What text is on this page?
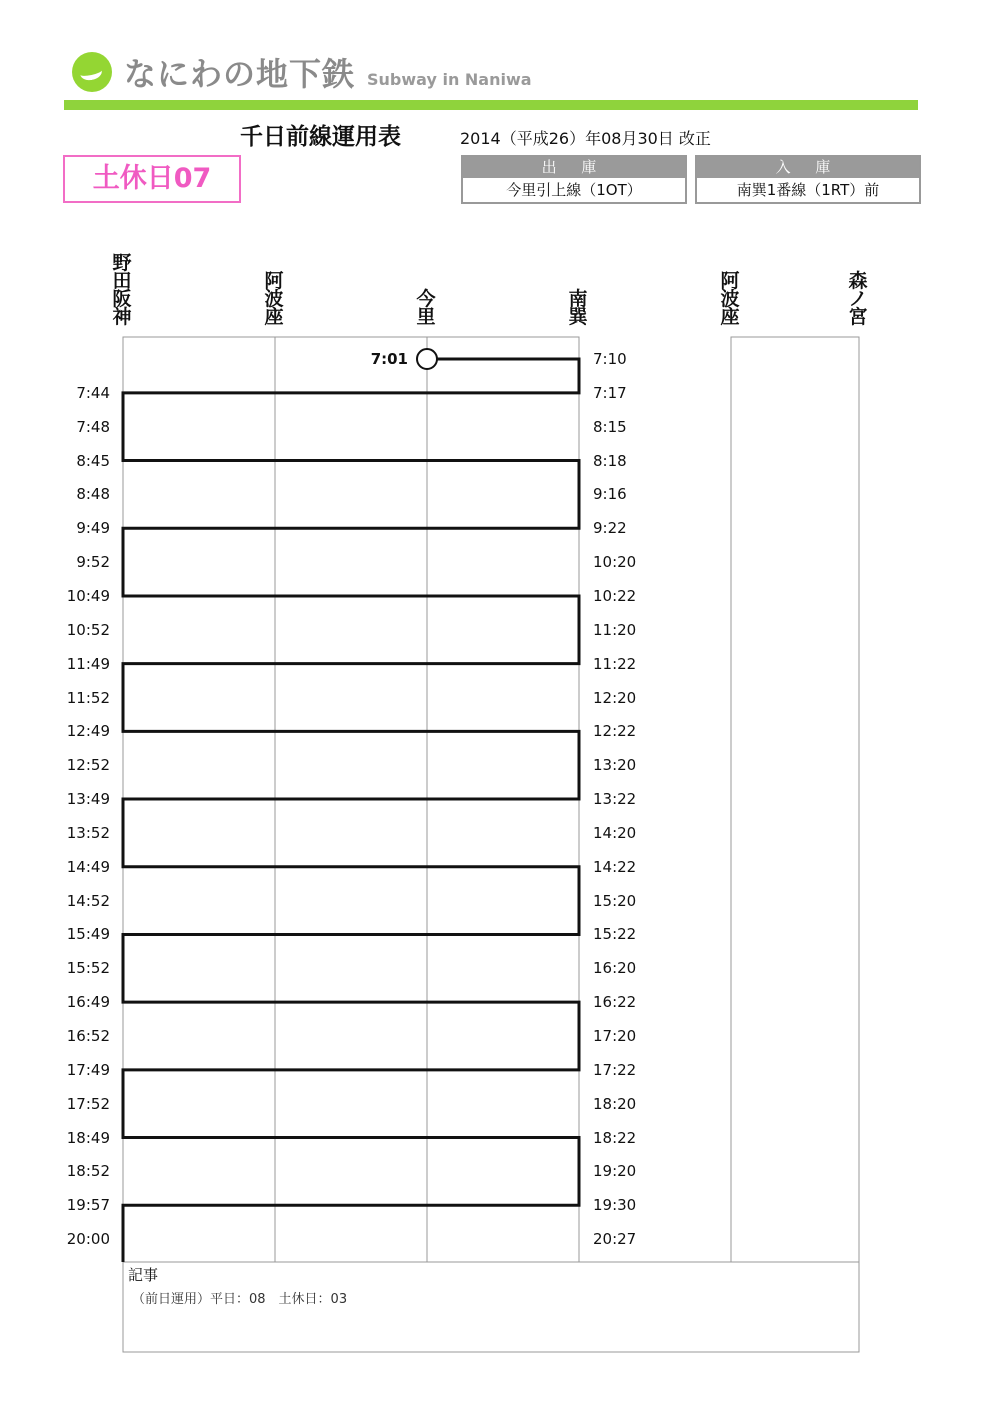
なにわの地下鉄 Subway in Naniwa
千日前線運用表	2014（平成26）年08月30日 改正
土休日07	出 庫
今里引上線（1OT）
入 庫
南巽1番線（1RT）前
野田阪神
阿波座
今里
南巽
阿波座
森ノ宮
7:01
7:44
7:48
8:45
8:48
9:49
9:52
10:49
10:52
11:49
11:52
12:49
12:52
13:49
13:52
14:49
14:52
15:49
15:52
16:49
16:52
17:49
17:52
18:49
18:52
19:57
20:00
7:10
7:17
8:15
8:18
9:16
9:22
10:20
10:22
11:20
11:22
12:20
12:22
13:20
13:22
14:20
14:22
15:20
15:22
16:20
16:22
17:20
17:22
18:20
18:22
19:20
19:30
20:27
記事
（前日運用）平日：08　土休日：03
